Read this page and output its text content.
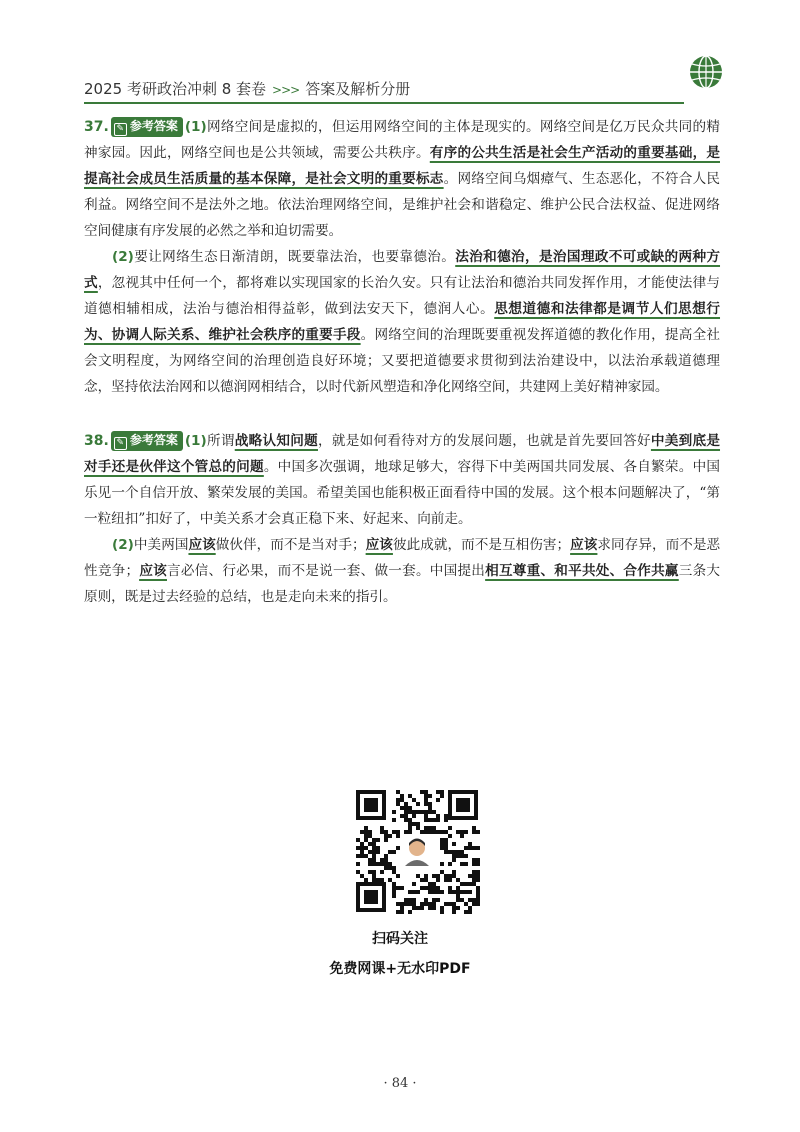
2025 考研政治冲刺 8 套卷 >>> 答案及解析分册

37. ✎ 参考答案 (1)网络空间是虚拟的，但运用网络空间的主体是现实的。网络空间是亿万民众共同的精神家园。因此，网络空间也是公共领域，需要公共秩序。有序的公共生活是社会生产活动的重要基础，是提高社会成员生活质量的基本保障，是社会文明的重要标志。网络空间乌烟瘴气、生态恶化，不符合人民利益。网络空间不是法外之地。依法治理网络空间，是维护社会和谐稳定、维护公民合法权益、促进网络空间健康有序发展的必然之举和迫切需要。

(2)要让网络生态日渐清朗，既要靠法治，也要靠德治。法治和德治，是治国理政不可或缺的两种方式，忽视其中任何一个，都将难以实现国家的长治久安。只有让法治和德治共同发挥作用，才能使法律与道德相辅相成，法治与德治相得益彰，做到法安天下，德润人心。思想道德和法律都是调节人们思想行为、协调人际关系、维护社会秩序的重要手段。网络空间的治理既要重视发挥道德的教化作用，提高全社会文明程度，为网络空间的治理创造良好环境；又要把道德要求贯彻到法治建设中，以法治承载道德理念，坚持依法治网和以德润网相结合，以时代新风塑造和净化网络空间，共建网上美好精神家园。

38. ✎ 参考答案 (1)所谓战略认知问题，就是如何看待对方的发展问题，也就是首先要回答好中美到底是对手还是伙伴这个管总的问题。中国多次强调，地球足够大，容得下中美两国共同发展、各自繁荣。中国乐见一个自信开放、繁荣发展的美国。希望美国也能积极正面看待中国的发展。这个根本问题解决了，“第一粒纽扣”扣好了，中美关系才会真正稳下来、好起来、向前走。

(2)中美两国应该做伙伴，而不是当对手；应该彼此成就，而不是互相伤害；应该求同存异，而不是恶性竞争；应该言必信、行必果，而不是说一套、做一套。中国提出相互尊重、和平共处、合作共赢三条大原则，既是过去经验的总结，也是走向未来的指引。

扫码关注
免费网课+无水印PDF
· 84 ·
